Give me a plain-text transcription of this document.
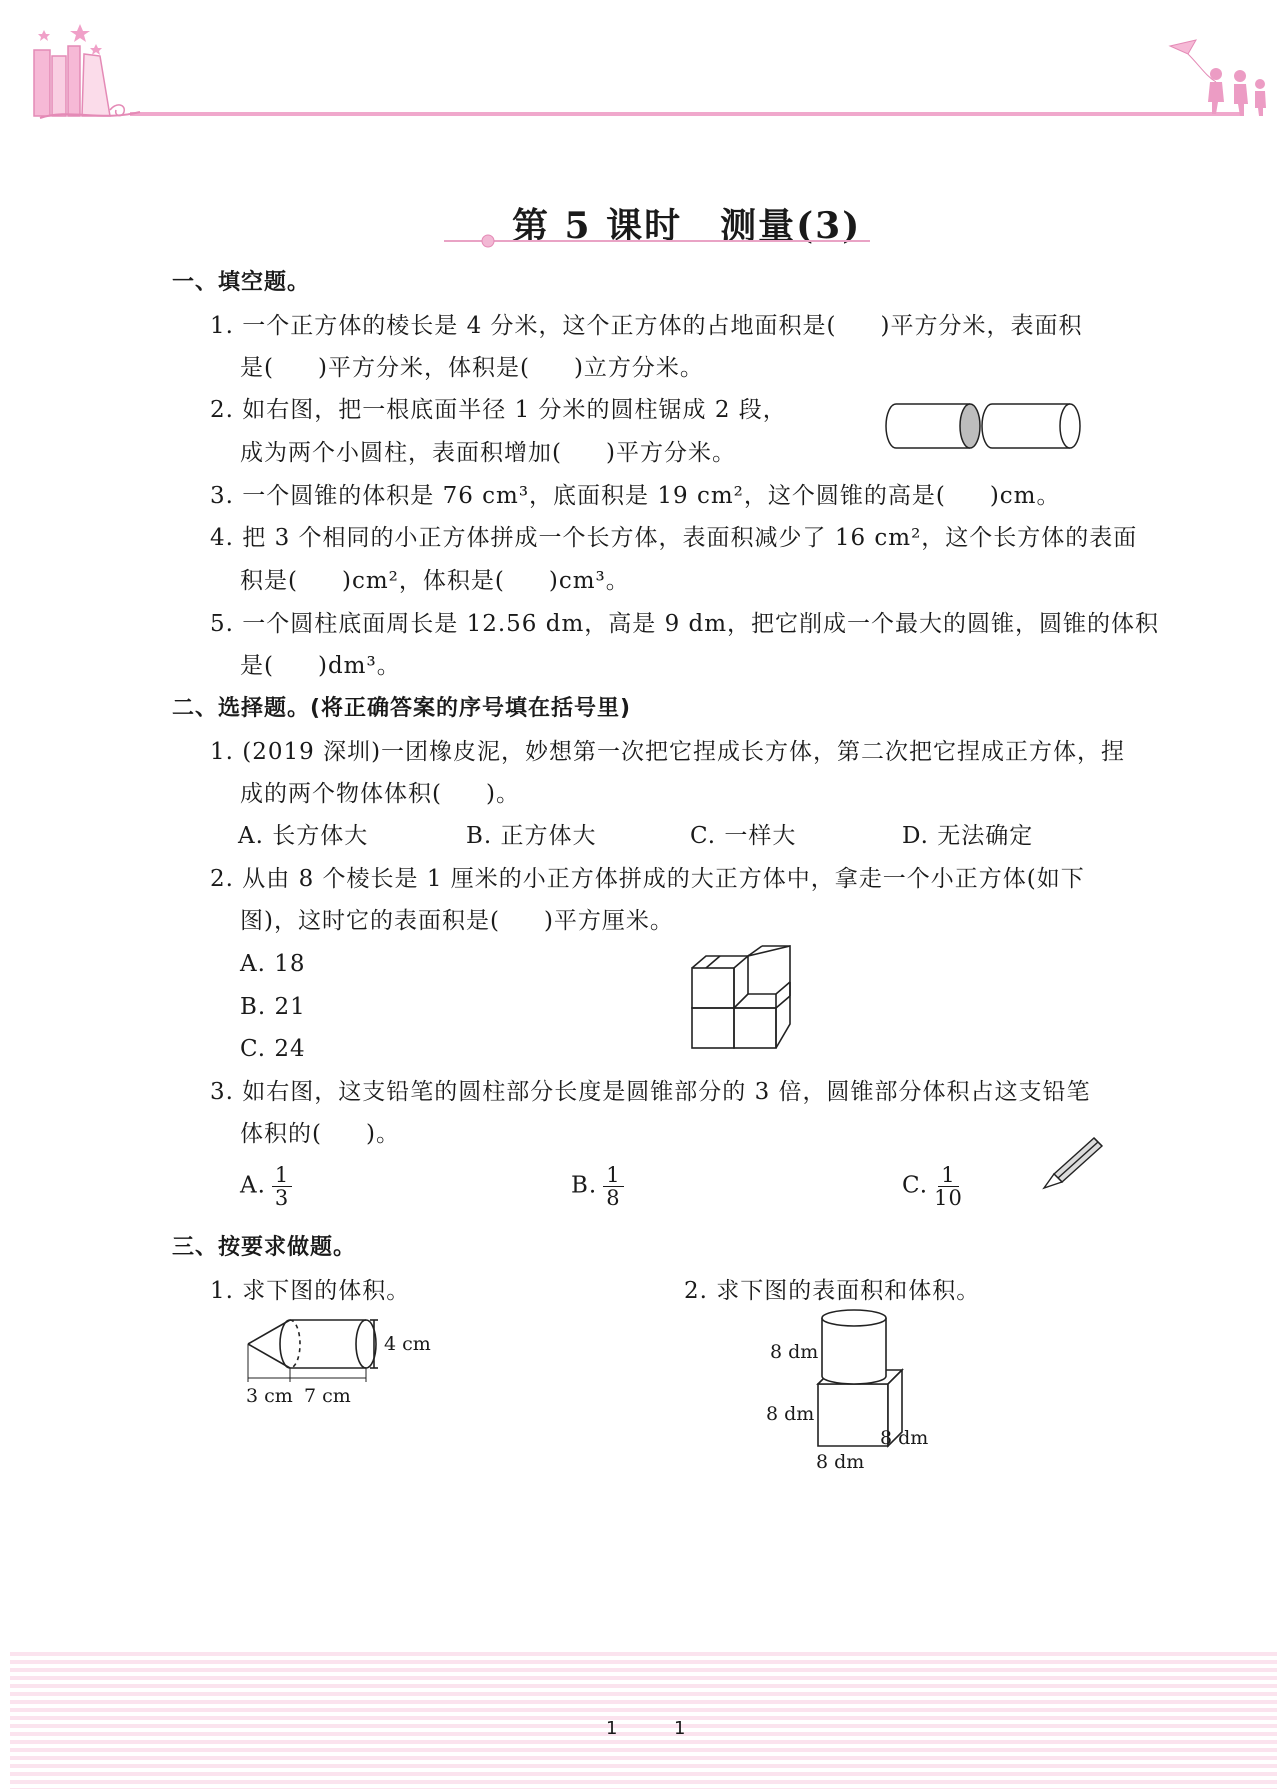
第 5 课时　测量(3)
一、填空题。
1. 一个正方体的棱长是 4 分米，这个正方体的占地面积是( )平方分米，表面积
是( )平方分米，体积是( )立方分米。
2. 如右图，把一根底面半径 1 分米的圆柱锯成 2 段，
成为两个小圆柱，表面积增加( )平方分米。
3. 一个圆锥的体积是 76 cm³，底面积是 19 cm²，这个圆锥的高是( )cm。
4. 把 3 个相同的小正方体拼成一个长方体，表面积减少了 16 cm²，这个长方体的表面
积是( )cm²，体积是( )cm³。
5. 一个圆柱底面周长是 12.56 dm，高是 9 dm，把它削成一个最大的圆锥，圆锥的体积
是( )dm³。
二、选择题。(将正确答案的序号填在括号里)
1. (2019 深圳)一团橡皮泥，妙想第一次把它捏成长方体，第二次把它捏成正方体，捏
成的两个物体体积( )。
A. 长方体大	B. 正方体大	C. 一样大	D. 无法确定
2. 从由 8 个棱长是 1 厘米的小正方体拼成的大正方体中，拿走一个小正方体(如下
图)，这时它的表面积是( )平方厘米。
A. 18
B. 21
C. 24
3. 如右图，这支铅笔的圆柱部分长度是圆锥部分的 3 倍，圆锥部分体积占这支铅笔
体积的( )。
A. $\frac{1}{3}$	B. $\frac{1}{8}$	C. $\frac{1}{10}$
三、按要求做题。
1. 求下图的体积。	2. 求下图的表面积和体积。
4 cm
3 cm 7 cm
8 dm
8 dm
8 dm
8 dm
1	1
